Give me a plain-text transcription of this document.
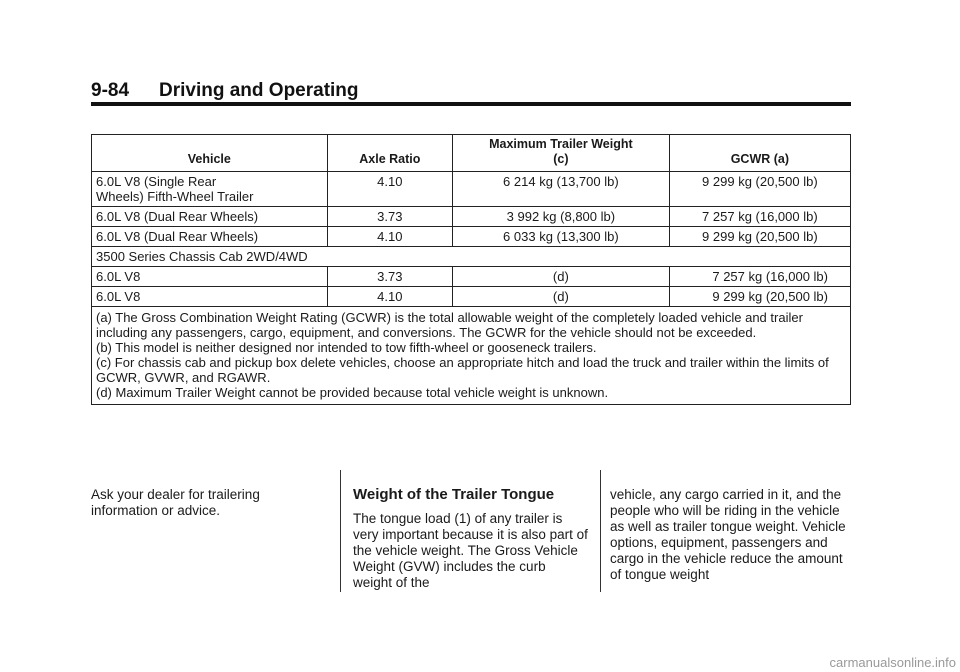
9-84 Driving and Operating
Vehicle	Axle Ratio	Maximum Trailer Weight (c)	GCWR (a)
6.0L V8 (Single Rear Wheels) Fifth-Wheel Trailer	4.10	6 214 kg (13,700 lb)	9 299 kg (20,500 lb)
6.0L V8 (Dual Rear Wheels)	3.73	3 992 kg (8,800 lb)	7 257 kg (16,000 lb)
6.0L V8 (Dual Rear Wheels)	4.10	6 033 kg (13,300 lb)	9 299 kg (20,500 lb)
3500 Series Chassis Cab 2WD/4WD			
6.0L V8	3.73	(d)	7 257 kg (16,000 lb)
6.0L V8	4.10	(d)	9 299 kg (20,500 lb)

(a) The Gross Combination Weight Rating (GCWR) is the total allowable weight of the completely loaded vehicle and trailer including any passengers, cargo, equipment, and conversions. The GCWR for the vehicle should not be exceeded.
(b) This model is neither designed nor intended to tow fifth-wheel or gooseneck trailers.
(c) For chassis cab and pickup box delete vehicles, choose an appropriate hitch and load the truck and trailer within the limits of GCWR, GVWR, and RGAWR.
(d) Maximum Trailer Weight cannot be provided because total vehicle weight is unknown.			
Ask your dealer for trailering information or advice.
Weight of the Trailer Tongue
The tongue load (1) of any trailer is very important because it is also part of the vehicle weight. The Gross Vehicle Weight (GVW) includes the curb weight of the
vehicle, any cargo carried in it, and the people who will be riding in the vehicle as well as trailer tongue weight. Vehicle options, equipment, passengers and cargo in the vehicle reduce the amount of tongue weight
carmanualsonline.info
